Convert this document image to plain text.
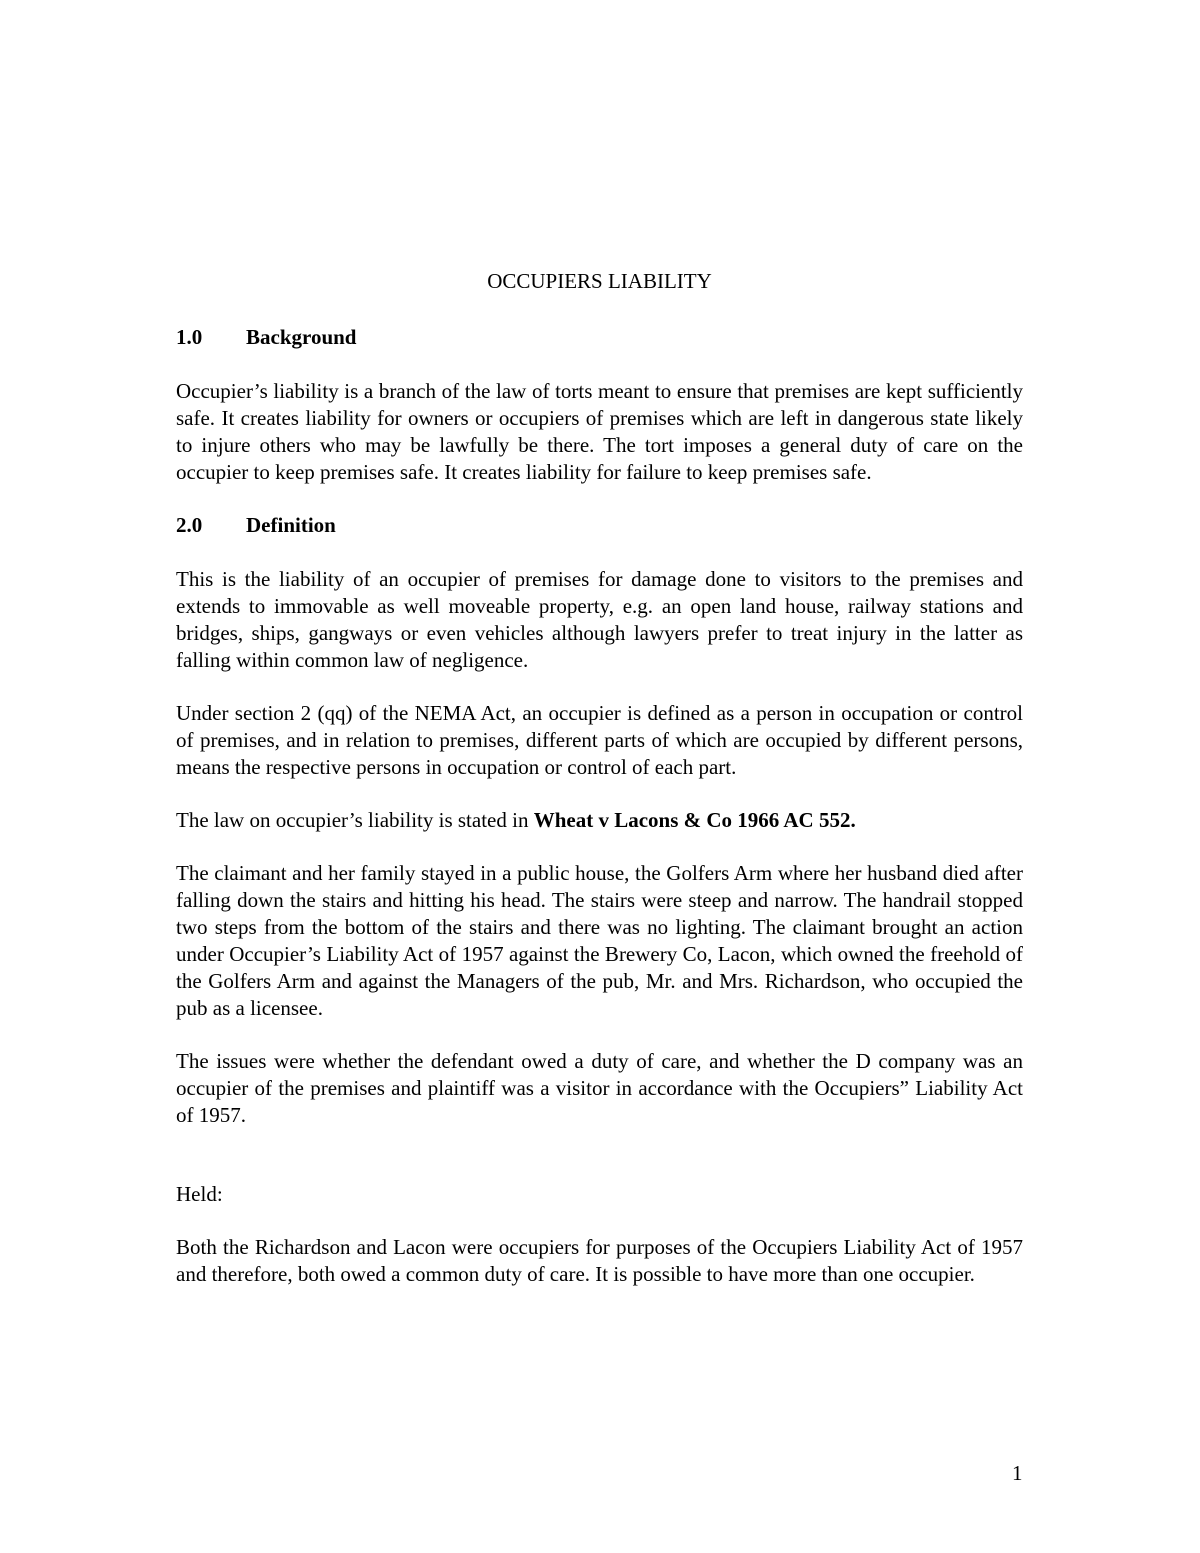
OCCUPIERS LIABILITY
1.0	Background

Occupier’s liability is a branch of the law of torts meant to ensure that premises are kept sufficiently safe. It creates liability for owners or occupiers of premises which are left in dangerous state likely to injure others who may be lawfully be there. The tort imposes a general duty of care on the occupier to keep premises safe. It creates liability for failure to keep premises safe.

2.0	Definition

This is the liability of an occupier of premises for damage done to visitors to the premises and extends to immovable as well moveable property, e.g. an open land house, railway stations and bridges, ships, gangways or even vehicles although lawyers prefer to treat injury in the latter as falling within common law of negligence.

Under section 2 (qq) of the NEMA Act, an occupier is defined as a person in occupation or control of premises, and in relation to premises, different parts of which are occupied by different persons, means the respective persons in occupation or control of each part.

The law on occupier’s liability is stated in Wheat v Lacons & Co 1966 AC 552.

The claimant and her family stayed in a public house, the Golfers Arm where her husband died after falling down the stairs and hitting his head. The stairs were steep and narrow. The handrail stopped two steps from the bottom of the stairs and there was no lighting. The claimant brought an action under Occupier’s Liability Act of 1957 against the Brewery Co, Lacon, which owned the freehold of the Golfers Arm and against the Managers of the pub, Mr. and Mrs. Richardson, who occupied the pub as a licensee.

The issues were whether the defendant owed a duty of care, and whether the D company was an occupier of the premises and plaintiff was a visitor in accordance with the Occupiers” Liability Act of 1957.

Held:

Both the Richardson and Lacon were occupiers for purposes of the Occupiers Liability Act of 1957 and therefore, both owed a common duty of care. It is possible to have more than one occupier.

1
